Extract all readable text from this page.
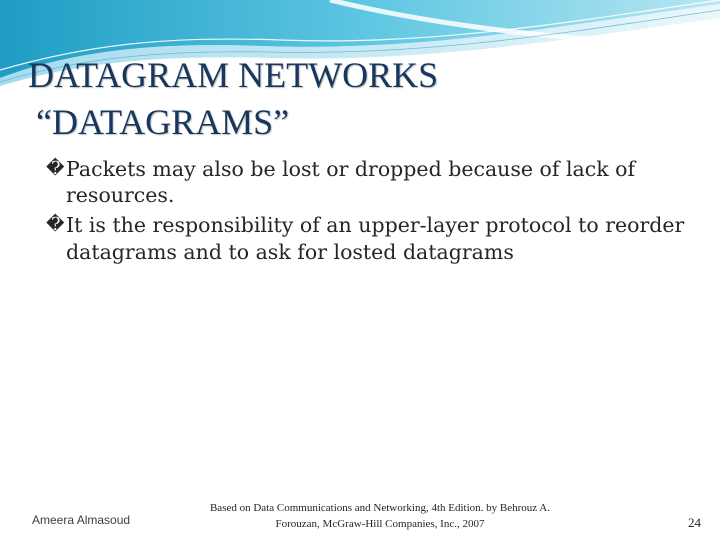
DATAGRAM NETWORKS
“DATAGRAMS”
� Packets may also be lost or dropped because of lack of resources.
� It is the responsibility of an upper-layer protocol to reorder datagrams and to ask for losted datagrams
Ameera Almasoud
Based on Data Communications and Networking, 4th Edition. by Behrouz A.
Forouzan, McGraw-Hill Companies, Inc., 2007	24
